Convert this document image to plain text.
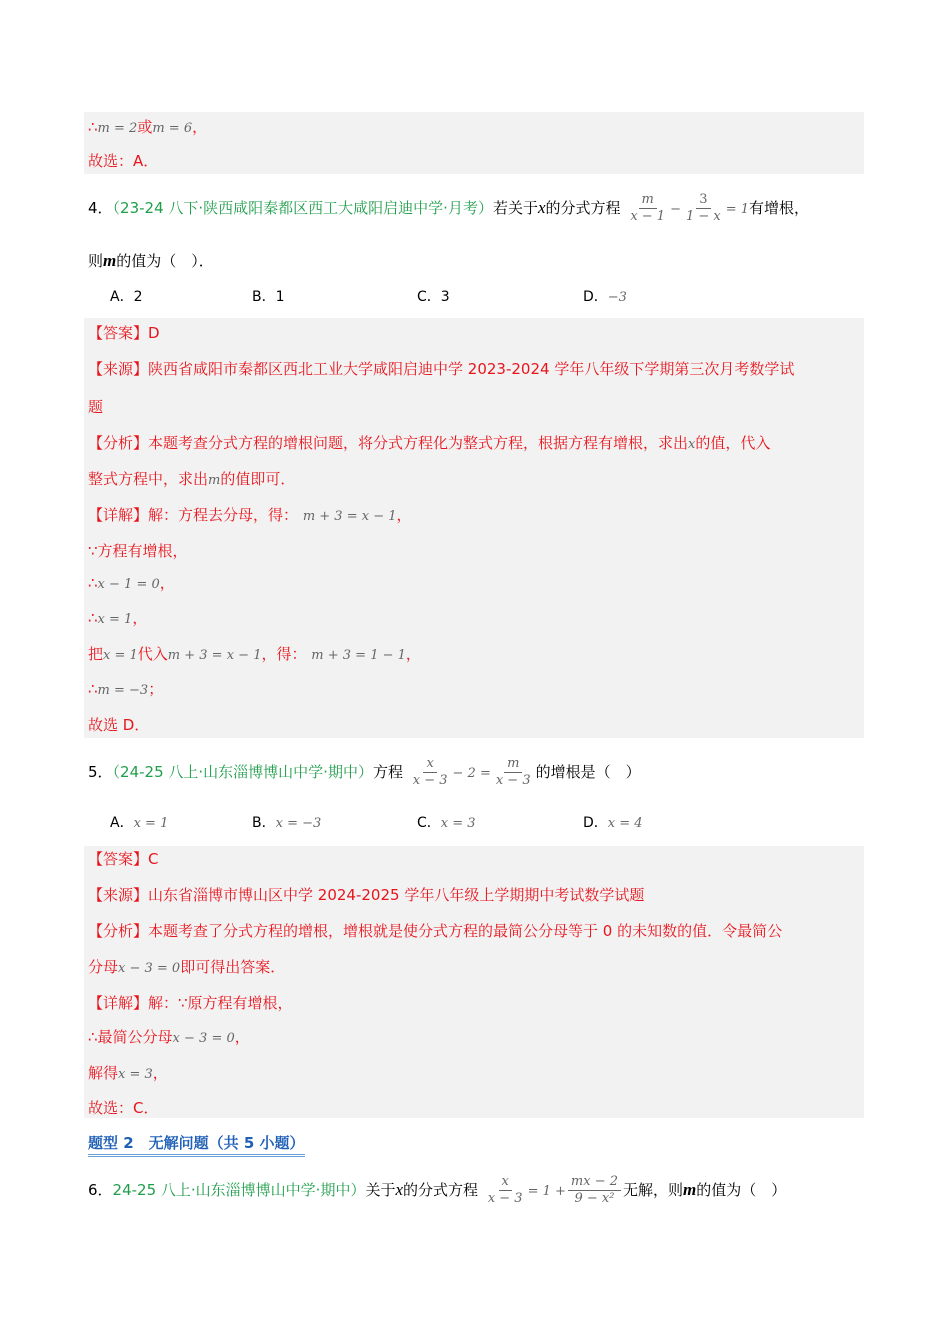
∴m = 2或m = 6，
故选：A．
4．（23-24 八下·陕西咸阳秦都区西工大咸阳启迪中学·月考）若关于x的分式方程 $\frac{m}{x - 1} - \frac{3}{1 - x} = 1$有增根，
则m的值为（　）．
A．2	B．1	C．3	D．−3
【答案】D
【来源】陕西省咸阳市秦都区西北工业大学咸阳启迪中学 2023-2024 学年八年级下学期第三次月考数学试
题
【分析】本题考查分式方程的增根问题，将分式方程化为整式方程，根据方程有增根，求出x的值，代入
整式方程中，求出m的值即可．
【详解】解：方程去分母，得： m + 3 = x − 1，
∵方程有增根，
∴x − 1 = 0，
∴x = 1，
把x = 1代入m + 3 = x − 1，得： m + 3 = 1 − 1，
∴m = −3；
故选 D．
5．（24-25 八上·山东淄博博山中学·期中）方程 $\frac{x}{x - 3} - 2 = \frac{m}{x - 3}$ 的增根是（　）
A．x = 1	B．x = −3	C．x = 3	D．x = 4
【答案】C
【来源】山东省淄博市博山区中学 2024-2025 学年八年级上学期期中考试数学试题
【分析】本题考查了分式方程的增根，增根就是使分式方程的最简公分母等于 0 的未知数的值．令最简公
分母x − 3 = 0即可得出答案．
【详解】解：∵原方程有增根，
∴最简公分母x − 3 = 0，
解得x = 3，
故选：C．
题型 2　无解问题（共 5 小题）
6．24-25 八上·山东淄博博山中学·期中）关于x的分式方程 $\frac{x}{x - 3} = 1 + \frac{mx - 2}{\text{9 − x²}}$ 无解，则m的值为（　）
